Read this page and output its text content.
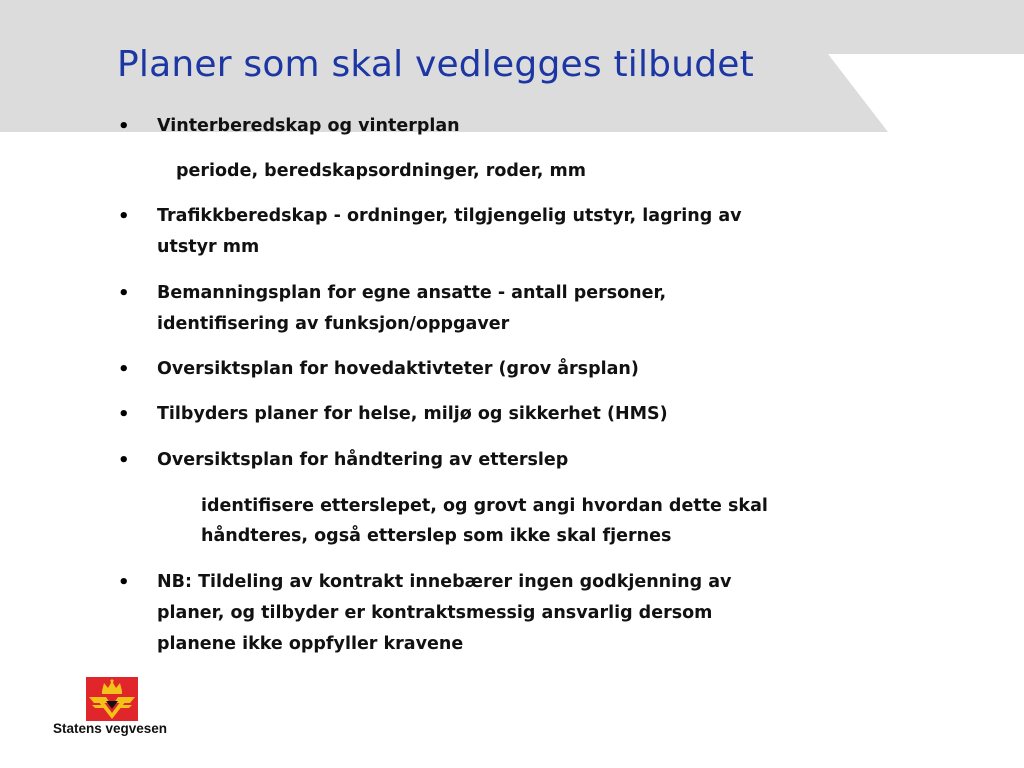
Planer som skal vedlegges tilbudet
• Vinterberedskap og vinterplan
periode, beredskapsordninger, roder, mm
• Trafikkberedskap - ordninger, tilgjengelig utstyr, lagring av
utstyr mm
• Bemanningsplan for egne ansatte - antall personer,
identifisering av funksjon/oppgaver
• Oversiktsplan for hovedaktivteter (grov årsplan)
• Tilbyders planer for helse, miljø og sikkerhet (HMS)
• Oversiktsplan for håndtering av etterslep
identifisere etterslepet, og grovt angi hvordan dette skal
håndteres, også etterslep som ikke skal fjernes
• NB: Tildeling av kontrakt innebærer ingen godkjenning av
planer, og tilbyder er kontraktsmessig ansvarlig dersom
planene ikke oppfyller kravene
Statens vegvesen
